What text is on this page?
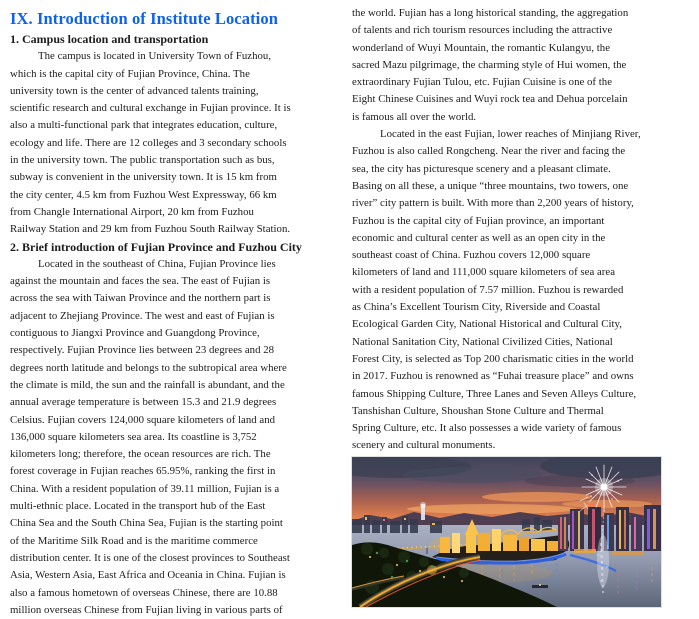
IX. Introduction of Institute Location
1. Campus location and transportation
The campus is located in University Town of Fuzhou,
which is the capital city of Fujian Province, China. The
university town is the center of advanced talents training,
scientific research and cultural exchange in Fujian province. It is
also a multi-functional park that integrates education, culture,
ecology and life. There are 12 colleges and 3 secondary schools
in the university town. The public transportation such as bus,
subway is convenient in the university town. It is 15 km from
the city center, 4.5 km from Fuzhou West Expressway, 66 km
from Changle International Airport, 20 km from Fuzhou
Railway Station and 29 km from Fuzhou South Railway Station.
2. Brief introduction of Fujian Province and Fuzhou City
Located in the southeast of China, Fujian Province lies
against the mountain and faces the sea. The east of Fujian is
across the sea with Taiwan Province and the northern part is
adjacent to Zhejiang Province. The west and east of Fujian is
contiguous to Jiangxi Province and Guangdong Province,
respectively. Fujian Province lies between 23 degrees and 28
degrees north latitude and belongs to the subtropical area where
the climate is mild, the sun and the rainfall is abundant, and the
annual average temperature is between 15.3 and 21.9 degrees
Celsius. Fujian covers 124,000 square kilometers of land and
136,000 square kilometers sea area. Its coastline is 3,752
kilometers long; therefore, the ocean resources are rich. The
forest coverage in Fujian reaches 65.95%, ranking the first in
China. With a resident population of 39.11 million, Fujian is a
multi-ethnic place. Located in the transport hub of the East
China Sea and the South China Sea, Fujian is the starting point
of the Maritime Silk Road and is the maritime commerce
distribution center. It is one of the closest provinces to Southeast
Asia, Western Asia, East Africa and Oceania in China. Fujian is
also a famous hometown of overseas Chinese, there are 10.88
million overseas Chinese from Fujian living in various parts of
the world. Fujian has a long historical standing, the aggregation
of talents and rich tourism resources including the attractive
wonderland of Wuyi Mountain, the romantic Kulangyu, the
sacred Mazu pilgrimage, the charming style of Hui women, the
extraordinary Fujian Tulou, etc. Fujian Cuisine is one of the
Eight Chinese Cuisines and Wuyi rock tea and Dehua porcelain
is famous all over the world.
Located in the east Fujian, lower reaches of Minjiang River,
Fuzhou is also called Rongcheng. Near the river and facing the
sea, the city has picturesque scenery and a pleasant climate.
Basing on all these, a unique “three mountains, two towers, one
river” city pattern is built. With more than 2,200 years of history,
Fuzhou is the capital city of Fujian province, an important
economic and cultural center as well as an open city in the
southeast coast of China. Fuzhou covers 12,000 square
kilometers of land and 111,000 square kilometers of sea area
with a resident population of 7.57 million. Fuzhou is rewarded
as China’s Excellent Tourism City, Riverside and Coastal
Ecological Garden City, National Historical and Cultural City,
National Sanitation City, National Civilized Cities, National
Forest City, is selected as Top 200 charismatic cities in the world
in 2017. Fuzhou is renowned as “Fuhai treasure place” and owns
famous Shipping Culture, Three Lanes and Seven Alleys Culture,
Tanshishan Culture, Shoushan Stone Culture and Thermal
Spring Culture, etc. It also possesses a wide variety of famous
scenery and cultural monuments.
